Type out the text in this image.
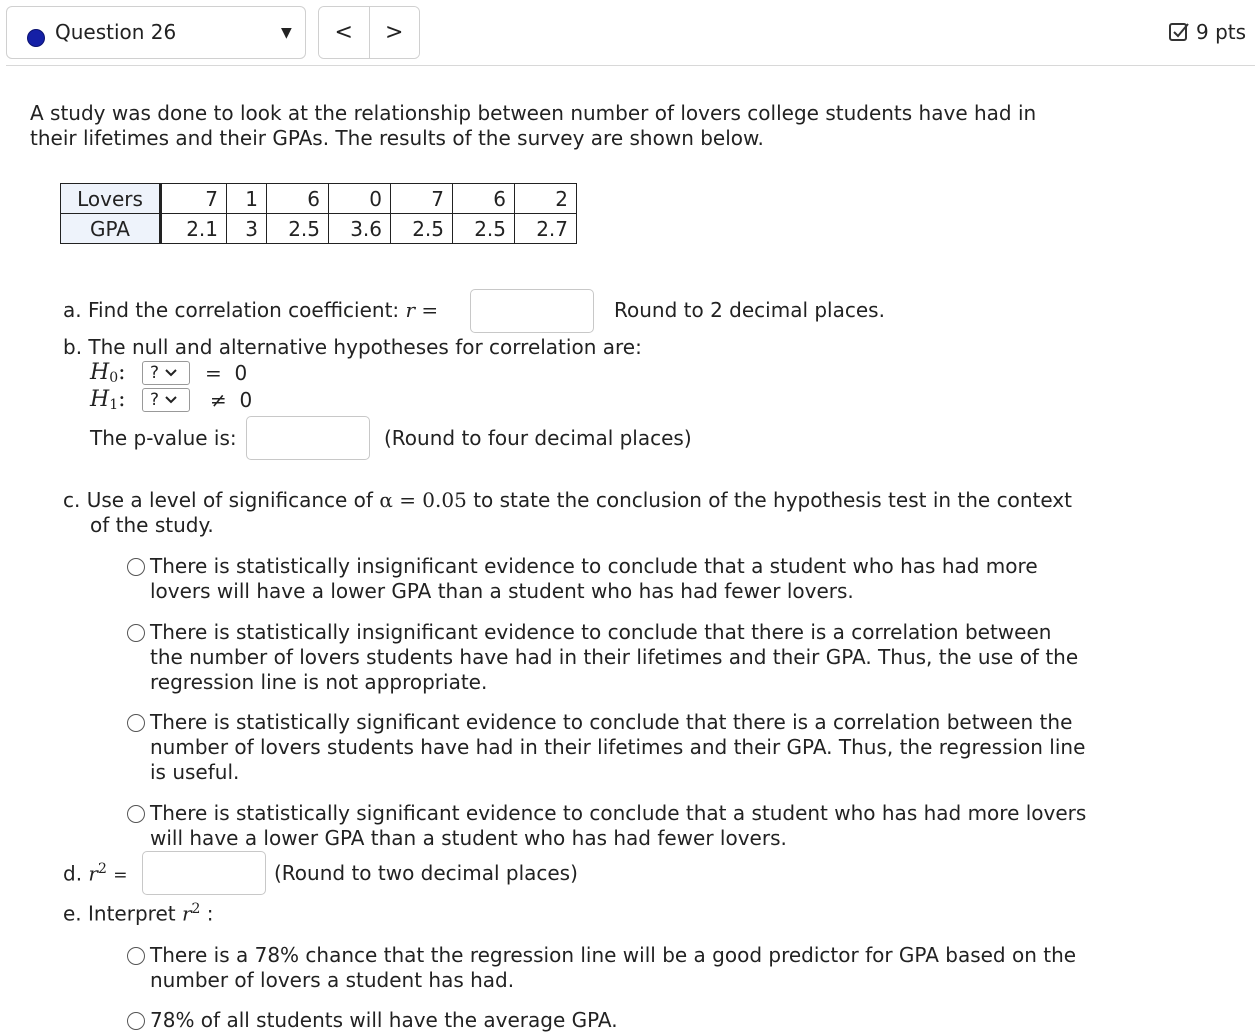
Question 26	▼	<	>	9 pts
A study was done to look at the relationship between number of lovers college students have had in their lifetimes and their GPAs. The results of the survey are shown below.
Lovers	7	1	6	0	7	6	2
GPA	2.1	3	2.5	3.6	2.5	2.5	2.7
a. Find the correlation coefficient: r =	Round to 2 decimal places.
b. The null and alternative hypotheses for correlation are:
$H_0$: ? = 0
$H_1$: ?	≠ 0
The p-value is:	(Round to four decimal places)
c. Use a level of significance of α = 0.05 to state the conclusion of the hypothesis test in the context
of the study.
There is statistically insignificant evidence to conclude that a student who has had more lovers will have a lower GPA than a student who has had fewer lovers.
There is statistically insignificant evidence to conclude that there is a correlation between the number of lovers students have had in their lifetimes and their GPA. Thus, the use of the regression line is not appropriate.
There is statistically significant evidence to conclude that there is a correlation between the number of lovers students have had in their lifetimes and their GPA. Thus, the regression line is useful.
There is statistically significant evidence to conclude that a student who has had more lovers will have a lower GPA than a student who has had fewer lovers.
d. $r^2$ =	(Round to two decimal places)
e. Interpret $r^2$ :
There is a 78% chance that the regression line will be a good predictor for GPA based on the number of lovers a student has had.
78% of all students will have the average GPA.
